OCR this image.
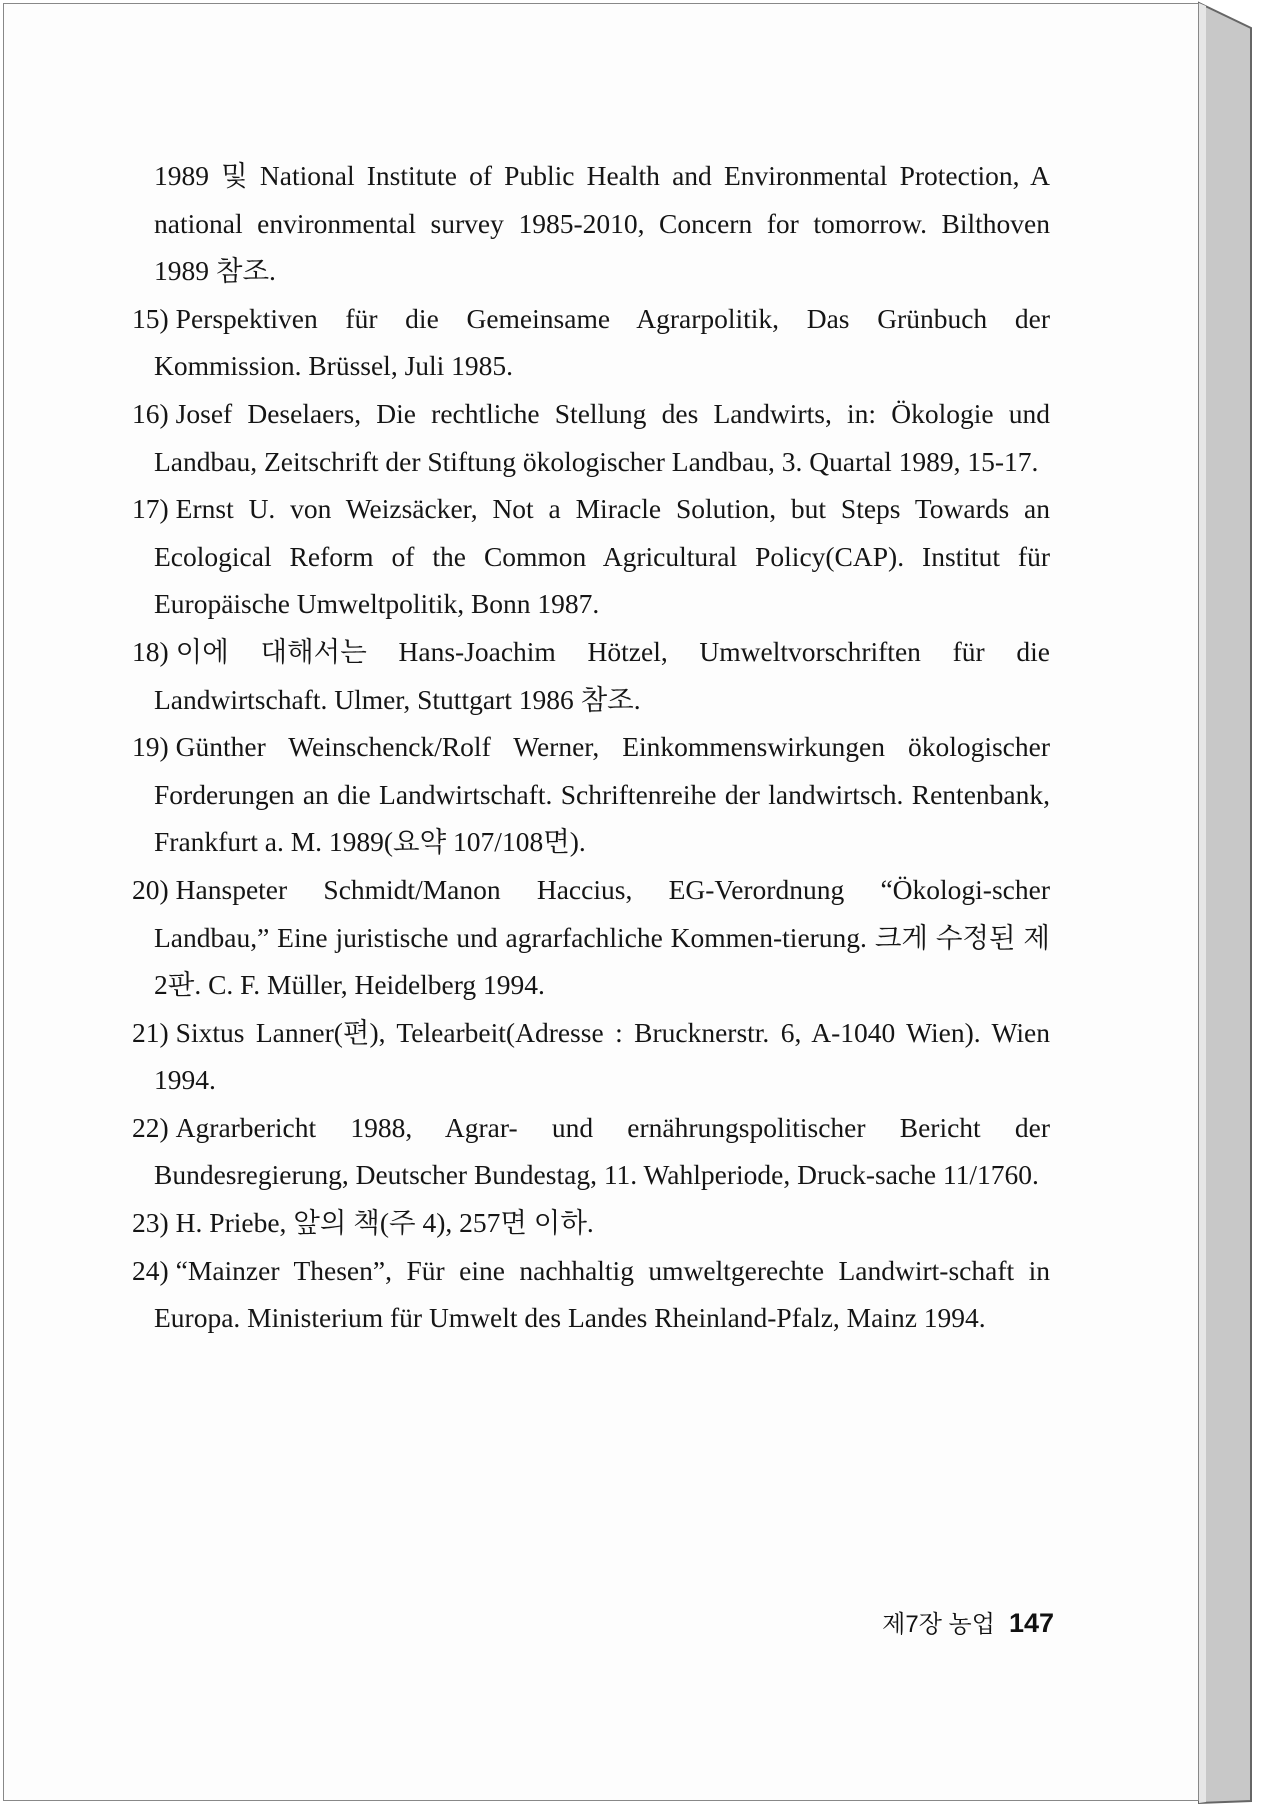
1989 및 National Institute of Public Health and Environmental Protection, A national environmental survey 1985-2010, Concern for tomorrow. Bilthoven 1989 참조.

15) Perspektiven für die Gemeinsame Agrarpolitik, Das Grünbuch der Kommission. Brüssel, Juli 1985.

16) Josef Deselaers, Die rechtliche Stellung des Landwirts, in: Ökologie und Landbau, Zeitschrift der Stiftung ökologischer Landbau, 3. Quartal 1989, 15-17.

17) Ernst U. von Weizsäcker, Not a Miracle Solution, but Steps Towards an Ecological Reform of the Common Agricultural Policy(CAP). Institut für Europäische Umweltpolitik, Bonn 1987.

18) 이에 대해서는 Hans-Joachim Hötzel, Umweltvorschriften für die Landwirtschaft. Ulmer, Stuttgart 1986 참조.

19) Günther Weinschenck/Rolf Werner, Einkommenswirkungen ökologischer Forderungen an die Landwirtschaft. Schriftenreihe der landwirtsch. Rentenbank, Frankfurt a. M. 1989(요약 107/108면).

20) Hanspeter Schmidt/Manon Haccius, EG-Verordnung “Ökologi-scher Landbau,” Eine juristische und agrarfachliche Kommen-tierung. 크게 수정된 제2판. C. F. Müller, Heidelberg 1994.

21) Sixtus Lanner(편), Telearbeit(Adresse : Brucknerstr. 6, A-1040 Wien). Wien 1994.

22) Agrarbericht 1988, Agrar- und ernährungspolitischer Bericht der Bundesregierung, Deutscher Bundestag, 11. Wahlperiode, Druck-sache 11/1760.

23) H. Priebe, 앞의 책(주 4), 257면 이하.

24) “Mainzer Thesen”, Für eine nachhaltig umweltgerechte Landwirt-schaft in Europa. Ministerium für Umwelt des Landes Rheinland-Pfalz, Mainz 1994.

제7장 농업 147
